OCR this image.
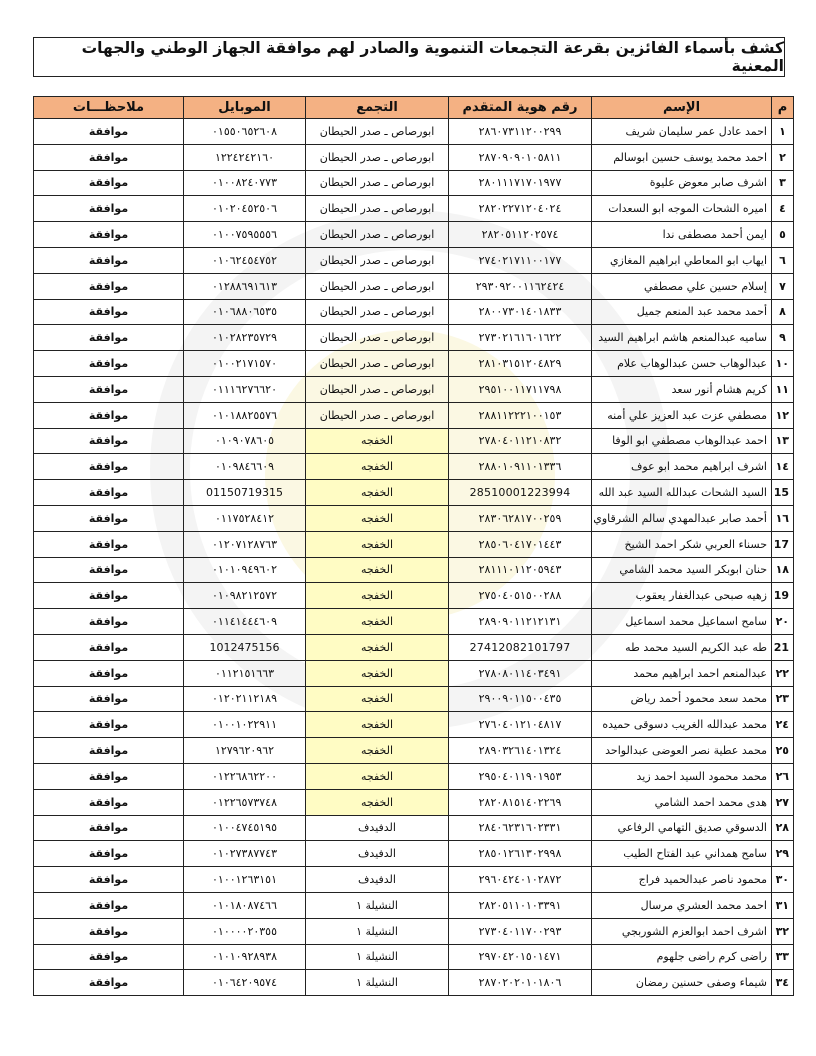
كشف بأسماء الفائزين بقرعة التجمعات التنموية والصادر لهم موافقة الجهاز الوطني والجهات المعنية
م	الإسم	رقم هوية المتقدم	التجمع	الموبايل	ملاحظـــات
١	احمد عادل عمر سليمان شريف	٢٨٦٠٧٣١١٢٠٠٢٩٩	ابورصاص ـ صدر الحيطان	٠١٥٥٠٦٥٢٦٠٨	موافقة
٢	احمد محمد يوسف حسين ابوسالم	٢٨٧٠٩٠٩٠١٠٥٨١١	ابورصاص ـ صدر الحيطان	١٢٢٤٢٤٢١٦٠	موافقة
٣	اشرف صابر معوض عليوة	٢٨٠١١١٧١٧٠١٩٧٧	ابورصاص ـ صدر الحيطان	٠١٠٠٨٢٤٠٧٧٣	موافقة
٤	اميره الشحات الموجه ابو السعدات	٢٨٢٠٢٢٧١٢٠٤٠٢٤	ابورصاص ـ صدر الحيطان	٠١٠٢٠٤٥٢٥٠٦	موافقة
٥	ايمن أحمد مصطفى ندا	٢٨٢٠٥١١٢٠٢٥٧٤	ابورصاص ـ صدر الحيطان	٠١٠٠٧٥٩٥٥٥٦	موافقة
٦	ايهاب ابو المعاطي ابراهيم المغازي	٢٧٤٠٢١٧١١٠٠١٧٧	ابورصاص ـ صدر الحيطان	٠١٠٦٢٤٥٤٧٥٢	موافقة
٧	إسلام حسين علي مصطفي	٢٩٣٠٩٢٠٠١١٦٢٤٢٤	ابورصاص ـ صدر الحيطان	٠١٢٨٨٦٩١٦١٣	موافقة
٨	أحمد محمد عبد المنعم جميل	٢٨٠٠٧٣٠١٤٠١٨٣٣	ابورصاص ـ صدر الحيطان	٠١٠٦٨٨٠٦٥٣٥	موافقة
٩	ساميه عبدالمنعم هاشم ابراهيم السيد	٢٧٣٠٢١٦١٦٠١٦٢٢	ابورصاص ـ صدر الحيطان	٠١٠٢٨٢٣٥٧٢٩	موافقة
١٠	عبدالوهاب حسن عبدالوهاب علام	٢٨١٠٣١٥١٢٠٤٨٢٩	ابورصاص ـ صدر الحيطان	٠١٠٠٢١٧١٥٧٠	موافقة
١١	كريم هشام أنور سعد	٢٩٥١٠٠١١٧١١٧٩٨	ابورصاص ـ صدر الحيطان	٠١١١٦٢٧٦٦٢٠	موافقة
١٢	مصطفي عزت عبد العزيز علي أمنه	٢٨٨١١٢٢٢١٠٠١٥٣	ابورصاص ـ صدر الحيطان	٠١٠١٨٨٢٥٥٧٦	موافقة
١٣	احمد عبدالوهاب مصطفي ابو الوفا	٢٧٨٠٤٠١١٢١٠٨٣٢	الخفجه	٠١٠٩٠٧٨٦٠٥	موافقة
١٤	اشرف ابراهيم محمد ابو عوف	٢٨٨٠١٠٩١١٠١٣٣٦	الخفجه	٠١٠٩٨٤٦٦٠٩	موافقة
15	السيد الشحات عبدالله السيد عبد الله	28510001223994	الخفجه	01150719315	موافقة
١٦	أحمد صابر عبدالمهدي سالم الشرقاوي	٢٨٣٠٦٢٨١٧٠٠٢٥٩	الخفجه	٠١١٧٥٢٨٤١٢	موافقة
17	حسناء العربي شكر احمد الشيخ	٢٨٥٠٦٠٤١٧٠١٤٤٣	الخفجه	٠١٢٠٧١٢٨٧٦٣	موافقة
١٨	حنان ابوبكر السيد محمد الشامي	٢٨١١١٠١١٢٠٥٩٤٣	الخفجه	٠١٠١٠٩٤٩٦٠٢	موافقة
19	زهيه صبحى عبدالغفار يعقوب	٢٧٥٠٤٠٥١٥٠٠٢٨٨	الخفجه	٠١٠٩٨٢١٢٥٧٢	موافقة
٢٠	سامح اسماعيل محمد اسماعيل	٢٨٩٠٩٠١١٢١٢١٣١	الخفجه	٠١١٤١٤٤٤٦٠٩	موافقة
21	طه عبد الكريم السيد محمد طه	27412082101797	الخفجه	1012475156	موافقة
٢٢	عبدالمنعم احمد ابراهيم محمد	٢٧٨٠٨٠١١٤٠٣٤٩١	الخفجه	٠١١٢١٥١٦٦٣	موافقة
٢٣	محمد سعد محمود أحمد رياض	٢٩٠٠٩٠١١٥٠٠٤٣٥	الخفجه	٠١٢٠٢١١٢١٨٩	موافقة
٢٤	محمد عبدالله الغريب دسوقى حميده	٢٧٦٠٤٠١٢١٠٤٨١٧	الخفجه	٠١٠٠١٠٢٢٩١١	موافقة
٢٥	محمد عطية نصر العوضى عبدالواحد	٢٨٩٠٣٢٦١٤٠١٣٢٤	الخفجه	١٢٧٩٦٢٠٩٦٢	موافقة
٢٦	محمد محمود السيد احمد زيد	٢٩٥٠٤٠١١٩٠١٩٥٣	الخفجه	٠١٢٢٦٨٦٢٢٠٠	موافقة
٢٧	هدى محمد احمد الشامي	٢٨٢٠٨١٥١٤٠٢٢٦٩	الخفجه	٠١٢٢٦٥٧٣٧٤٨	موافقة
٢٨	الدسوقي صديق التهامي الرفاعي	٢٨٤٠٦٢٣١٦٠٢٣٣١	الدفيدف	٠١٠٠٤٧٤٥١٩٥	موافقة
٢٩	سامح همداني عبد الفتاح الطيب	٢٨٥٠١٢٦١٣٠٢٩٩٨	الدفيدف	٠١٠٢٧٣٨٧٧٤٣	موافقة
٣٠	محمود ناصر عبدالحميد فراج	٢٩٦٠٤٢٤٠١٠٢٨٧٢	الدفيدف	٠١٠٠١٢٦٣١٥١	موافقة
٣١	احمد محمد العشري مرسال	٢٨٢٠٥١١٠١٠٣٣٩١	النشيلة ١	٠١٠١٨٠٨٧٤٦٦	موافقة
٣٢	اشرف احمد ابوالعزم الشوربجي	٢٧٣٠٤٠١١٧٠٠٢٩٣	النشيلة ١	٠١٠٠٠٠٢٠٣٥٥	موافقة
٣٣	راضى كرم راضى جلهوم	٢٩٧٠٤٢٠١٥٠١٤٧١	النشيلة ١	٠١٠١٠٩٢٨٩٣٨	موافقة
٣٤	شيماء وصفى حسنين رمضان	٢٨٧٠٢٠٢٠١٠١٨٠٦	النشيلة ١	٠١٠٦٤٢٠٩٥٧٤	موافقة
